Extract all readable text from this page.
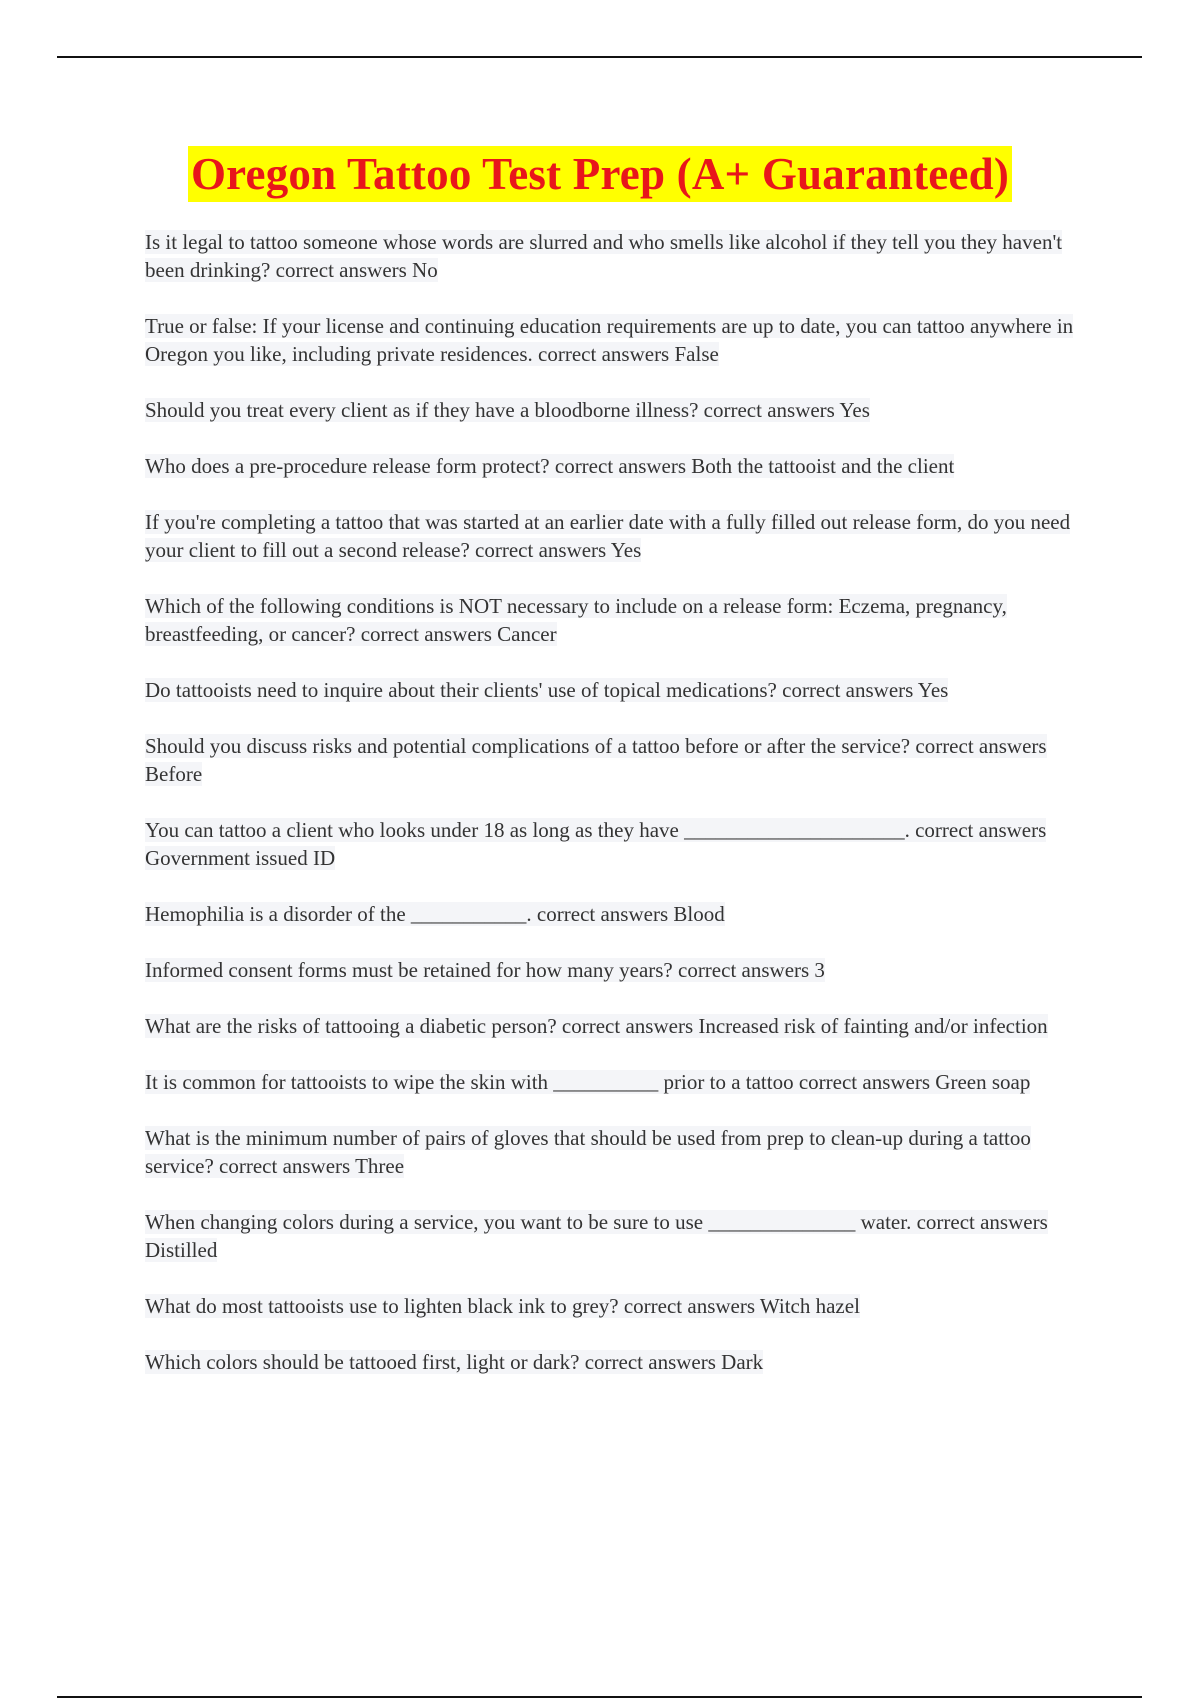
Oregon Tattoo Test Prep (A+ Guaranteed)
Is it legal to tattoo someone whose words are slurred and who smells like alcohol if they tell you they haven't been drinking? correct answers No
True or false: If your license and continuing education requirements are up to date, you can tattoo anywhere in Oregon you like, including private residences. correct answers False
Should you treat every client as if they have a bloodborne illness? correct answers Yes
Who does a pre-procedure release form protect? correct answers Both the tattooist and the client
If you're completing a tattoo that was started at an earlier date with a fully filled out release form, do you need your client to fill out a second release? correct answers Yes
Which of the following conditions is NOT necessary to include on a release form: Eczema, pregnancy, breastfeeding, or cancer? correct answers Cancer
Do tattooists need to inquire about their clients' use of topical medications? correct answers Yes
Should you discuss risks and potential complications of a tattoo before or after the service? correct answers Before
You can tattoo a client who looks under 18 as long as they have _____________________. correct answers Government issued ID
Hemophilia is a disorder of the ___________. correct answers Blood
Informed consent forms must be retained for how many years? correct answers 3
What are the risks of tattooing a diabetic person? correct answers Increased risk of fainting and/or infection
It is common for tattooists to wipe the skin with __________ prior to a tattoo correct answers Green soap
What is the minimum number of pairs of gloves that should be used from prep to clean-up during a tattoo service? correct answers Three
When changing colors during a service, you want to be sure to use ______________ water. correct answers Distilled
What do most tattooists use to lighten black ink to grey? correct answers Witch hazel
Which colors should be tattooed first, light or dark? correct answers Dark
